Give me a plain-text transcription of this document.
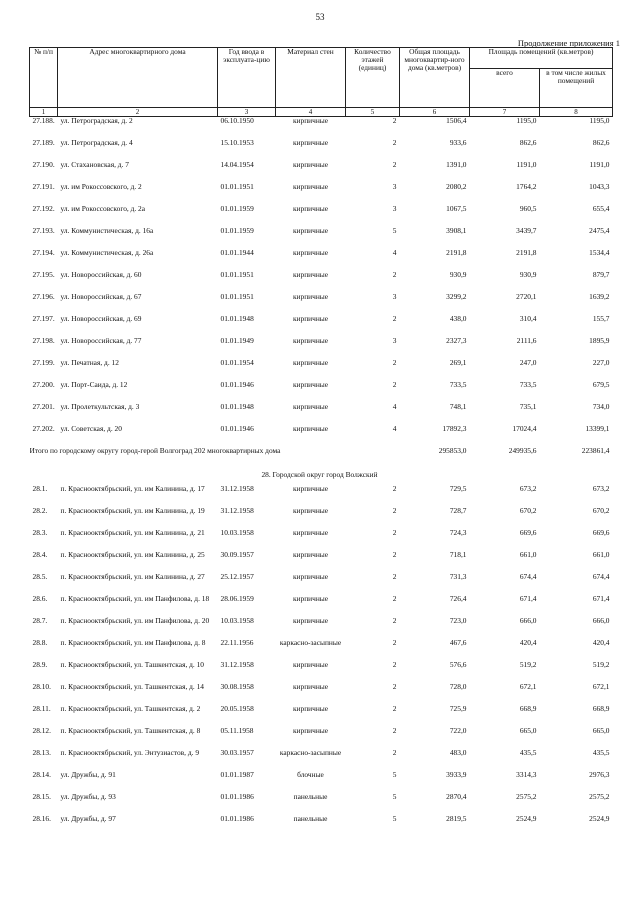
53
Продолжение приложения 1
№ п/п	Адрес многоквартирного дома	Год ввода в эксплуата-цию	Материал стен	Количество этажей (единиц)	Общая площадь многоквартир-ного дома (кв.метров)	Площадь помещений (кв.метров)	
						всего	в том числе жилых помещений
1	2	3	4	5	6	7	8
27.188.	ул. Петроградская, д. 2	06.10.1950	кирпичные	2	1506,4	1195,0	1195,0
27.189.	ул. Петроградская, д. 4	15.10.1953	кирпичные	2	933,6	862,6	862,6
27.190.	ул. Стахановская, д. 7	14.04.1954	кирпичные	2	1391,0	1191,0	1191,0
27.191.	ул. им Рокоссовского, д. 2	01.01.1951	кирпичные	3	2080,2	1764,2	1043,3
27.192.	ул. им Рокоссовского, д. 2а	01.01.1959	кирпичные	3	1067,5	960,5	655,4
27.193.	ул. Коммунистическая, д. 16а	01.01.1959	кирпичные	5	3908,1	3439,7	2475,4
27.194.	ул. Коммунистическая, д. 26а	01.01.1944	кирпичные	4	2191,8	2191,8	1534,4
27.195.	ул. Новороссийская, д. 60	01.01.1951	кирпичные	2	930,9	930,9	879,7
27.196.	ул. Новороссийская, д. 67	01.01.1951	кирпичные	3	3299,2	2720,1	1639,2
27.197.	ул. Новороссийская, д. 69	01.01.1948	кирпичные	2	438,0	310,4	155,7
27.198.	ул. Новороссийская, д. 77	01.01.1949	кирпичные	3	2327,3	2111,6	1895,9
27.199.	ул. Печатная, д. 12	01.01.1954	кирпичные	2	269,1	247,0	227,0
27.200.	ул. Порт-Саида, д. 12	01.01.1946	кирпичные	2	733,5	733,5	679,5
27.201.	ул. Пролеткультская, д. 3	01.01.1948	кирпичные	4	748,1	735,1	734,0
27.202.	ул. Советская, д. 20	01.01.1946	кирпичные	4	17892,3	17024,4	13399,1
Итого по городскому округу город-герой Волгоград 202 многоквартирных дома					295853,0	249935,6	223861,4
28. Городской округ город Волжский							
28.1.	п. Краснооктябрьский, ул. им Калинина, д. 17	31.12.1958	кирпичные	2	729,5	673,2	673,2
28.2.	п. Краснооктябрьский, ул. им Калинина, д. 19	31.12.1958	кирпичные	2	728,7	670,2	670,2
28.3.	п. Краснооктябрьский, ул. им Калинина, д. 21	10.03.1958	кирпичные	2	724,3	669,6	669,6
28.4.	п. Краснооктябрьский, ул. им Калинина, д. 25	30.09.1957	кирпичные	2	718,1	661,0	661,0
28.5.	п. Краснооктябрьский, ул. им Калинина, д. 27	25.12.1957	кирпичные	2	731,3	674,4	674,4
28.6.	п. Краснооктябрьский, ул. им Панфилова, д. 18	28.06.1959	кирпичные	2	726,4	671,4	671,4
28.7.	п. Краснооктябрьский, ул. им Панфилова, д. 20	10.03.1958	кирпичные	2	723,0	666,0	666,0
28.8.	п. Краснооктябрьский, ул. им Панфилова, д. 8	22.11.1956	каркасно-засыпные	2	467,6	420,4	420,4
28.9.	п. Краснооктябрьский, ул. Ташкентская, д. 10	31.12.1958	кирпичные	2	576,6	519,2	519,2
28.10.	п. Краснооктябрьский, ул. Ташкентская, д. 14	30.08.1958	кирпичные	2	728,0	672,1	672,1
28.11.	п. Краснооктябрьский, ул. Ташкентская, д. 2	20.05.1958	кирпичные	2	725,9	668,9	668,9
28.12.	п. Краснооктябрьский, ул. Ташкентская, д. 8	05.11.1958	кирпичные	2	722,0	665,0	665,0
28.13.	п. Краснооктябрьский, ул. Энтузиастов, д. 9	30.03.1957	каркасно-засыпные	2	483,0	435,5	435,5
28.14.	ул. Дружбы, д. 91	01.01.1987	блочные	5	3933,9	3314,3	2976,3
28.15.	ул. Дружбы, д. 93	01.01.1986	панельные	5	2870,4	2575,2	2575,2
28.16.	ул. Дружбы, д. 97	01.01.1986	панельные	5	2819,5	2524,9	2524,9
